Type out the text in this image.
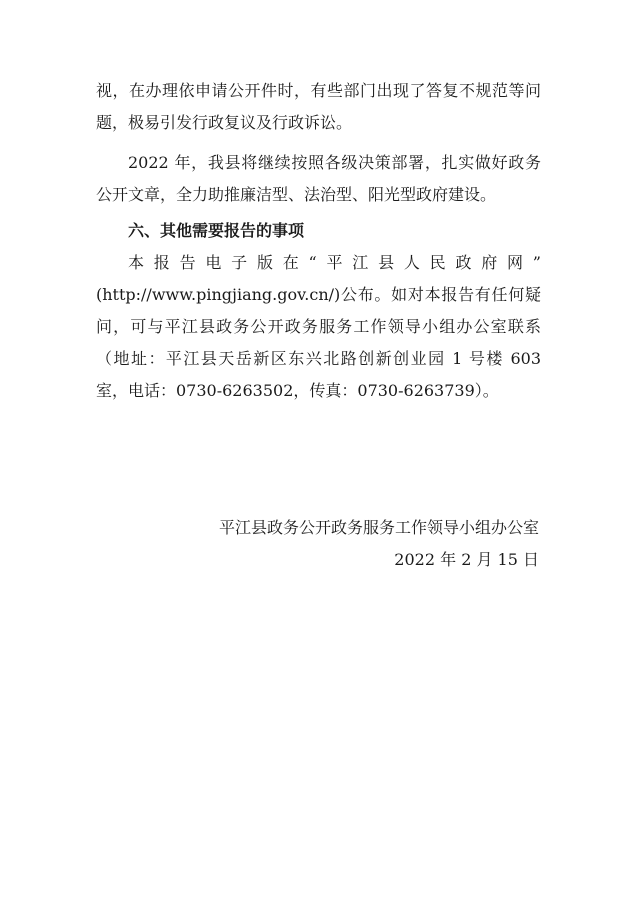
视，在办理依申请公开件时，有些部门出现了答复不规范等问题，极易引发行政复议及行政诉讼。

2022 年，我县将继续按照各级决策部署，扎实做好政务公开文章，全力助推廉洁型、法治型、阳光型政府建设。

六、其他需要报告的事项

本报告电子版在“平江县人民政府网”
(http://www.pingjiang.gov.cn/)公布。如对本报告有任何疑问，可与平江县政务公开政务服务工作领导小组办公室联系（地址：平江县天岳新区东兴北路创新创业园 1 号楼 603 室，电话：0730-6263502，传真：0730-6263739）。
平江县政务公开政务服务工作领导小组办公室
2022 年 2 月 15 日
